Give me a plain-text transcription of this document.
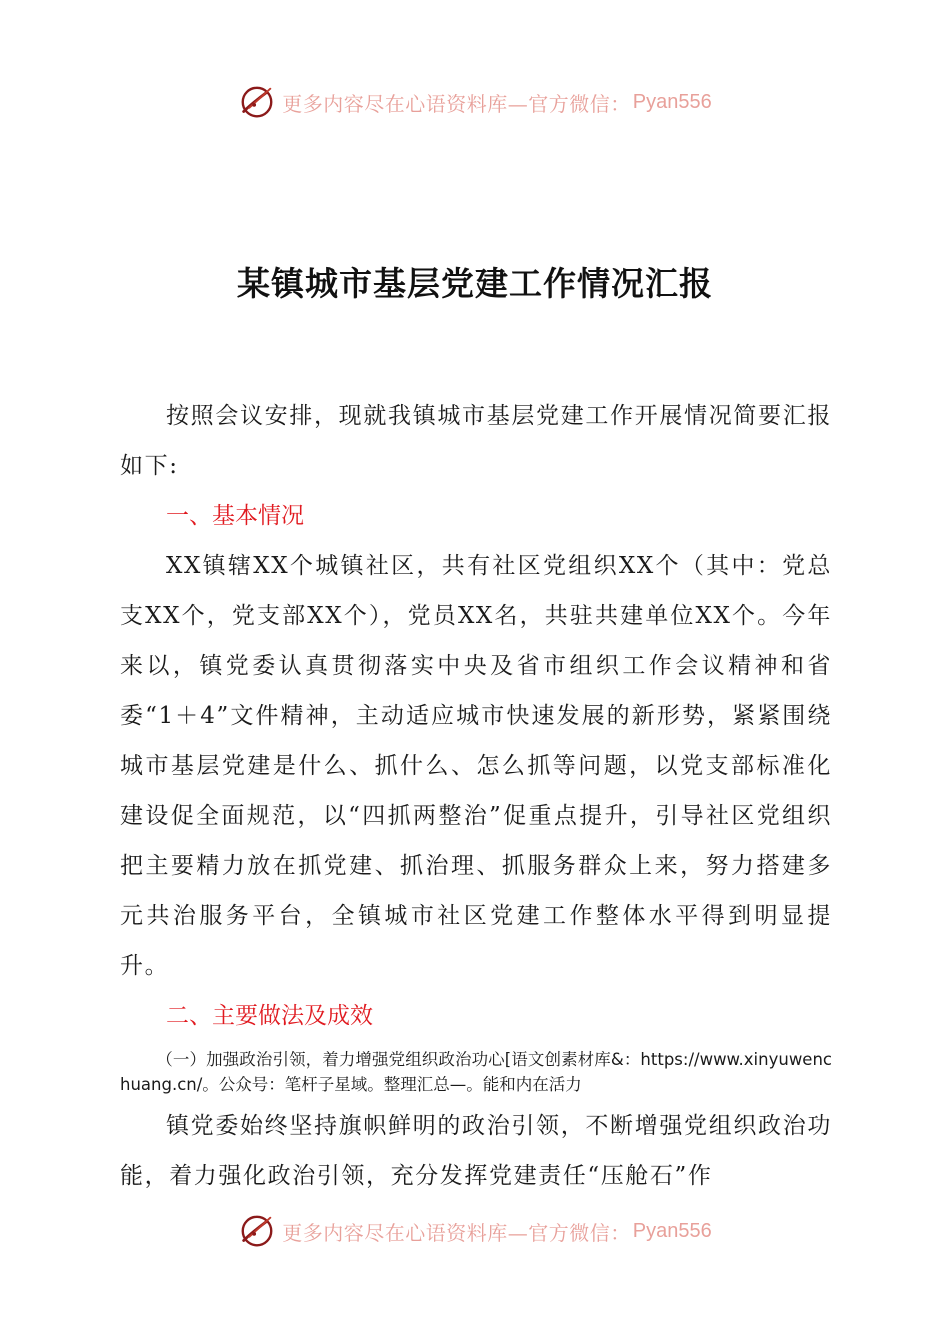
更多内容尽在心语资料库—官方微信： Pyan556
某镇城市基层党建工作情况汇报

按照会议安排，现就我镇城市基层党建工作开展情况简要汇报如下:

一、基本情况

XX镇辖XX个城镇社区，共有社区党组织XX个（其中：党总支XX个，党支部XX个），党员XX名，共驻共建单位XX个。今年来以，镇党委认真贯彻落实中央及省市组织工作会议精神和省委“1＋4”文件精神，主动适应城市快速发展的新形势，紧紧围绕城市基层党建是什么、抓什么、怎么抓等问题，以党支部标准化建设促全面规范，以“四抓两整治”促重点提升，引导社区党组织把主要精力放在抓党建、抓治理、抓服务群众上来，努力搭建多元共治服务平台，全镇城市社区党建工作整体水平得到明显提升。

二、主要做法及成效

（一）加强政治引领，着力增强党组织政治功心[语文创素材库&：https://www.xinyuwenchuang.cn/。公众号：笔杆子星域。整理汇总—。能和内在活力

镇党委始终坚持旗帜鲜明的政治引领，不断增强党组织政治功能，着力强化政治引领，充分发挥党建责任“压舱石”作

更多内容尽在心语资料库—官方微信： Pyan556
